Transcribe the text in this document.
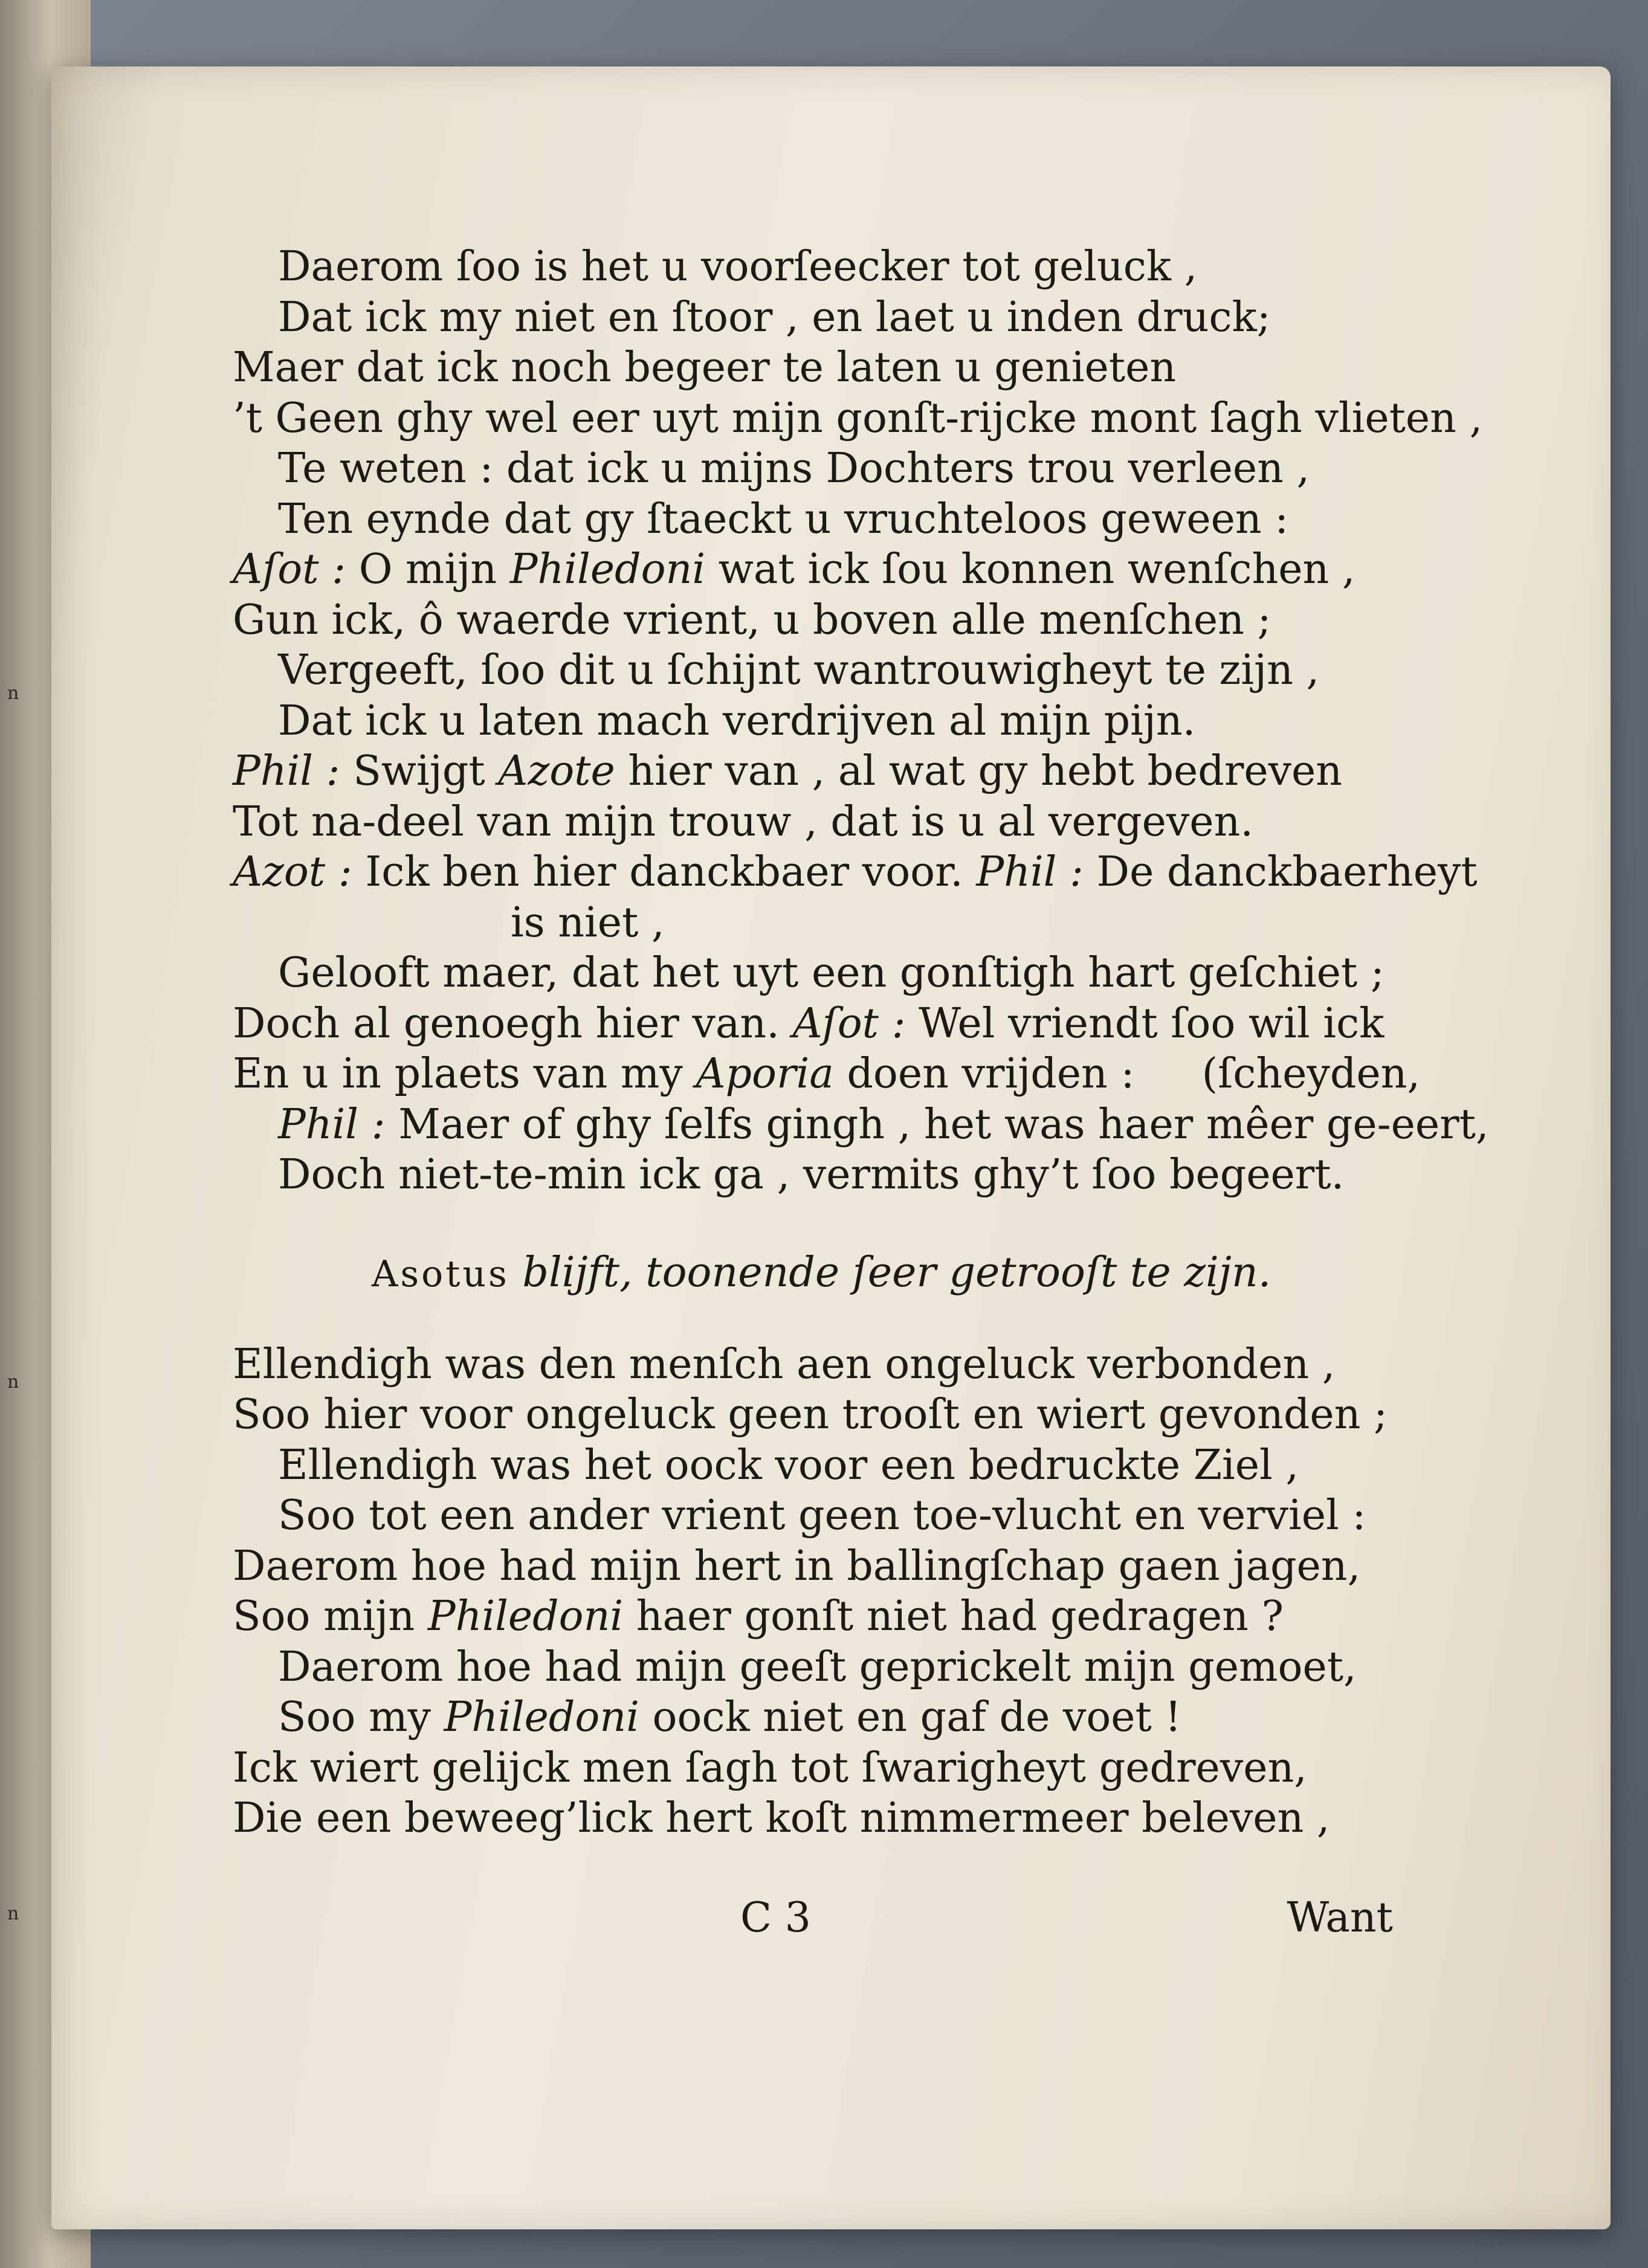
n
n
n
Daerom ſoo is het u voorſeecker tot geluck ,
Dat ick my niet en ſtoor , en laet u inden druck;
Maer dat ick noch begeer te laten u genieten
’t Geen ghy wel eer uyt mijn gonſt-rijcke mont ſagh vlieten ,
Te weten : dat ick u mijns Dochters trou verleen ,
Ten eynde dat gy ſtaeckt u vruchteloos geween :
Aſot : O mijn Philedoni wat ick ſou konnen wenſchen ,
Gun ick, ô waerde vrient, u boven alle menſchen ;
Vergeeft, ſoo dit u ſchijnt wantrouwigheyt te zijn ,
Dat ick u laten mach verdrijven al mijn pijn.
Phil : Swijgt Azote hier van , al wat gy hebt bedreven
Tot na-deel van mijn trouw , dat is u al vergeven.
Azot : Ick ben hier danckbaer voor. Phil : De danckbaerheyt
is niet ,
Gelooft maer, dat het uyt een gonſtigh hart geſchiet ;
Doch al genoegh hier van. Aſot : Wel vriendt ſoo wil ick
En u in plaets van my Aporia doen vrijden : (ſcheyden,
Phil : Maer of ghy ſelfs gingh , het was haer mêer ge-eert,
Doch niet-te-min ick ga , vermits ghy’t ſoo begeert.
Asotus blijft, toonende ſeer getrooſt te zijn.
Ellendigh was den menſch aen ongeluck verbonden ,
Soo hier voor ongeluck geen trooſt en wiert gevonden ;
Ellendigh was het oock voor een bedruckte Ziel ,
Soo tot een ander vrient geen toe-vlucht en verviel :
Daerom hoe had mijn hert in ballingſchap gaen jagen,
Soo mijn Philedoni haer gonſt niet had gedragen ?
Daerom hoe had mijn geeſt geprickelt mijn gemoet,
Soo my Philedoni oock niet en gaf de voet !
Ick wiert gelijck men ſagh tot ſwarigheyt gedreven,
Die een beweeg’lick hert koſt nimmermeer beleven ,
C 3	Want
